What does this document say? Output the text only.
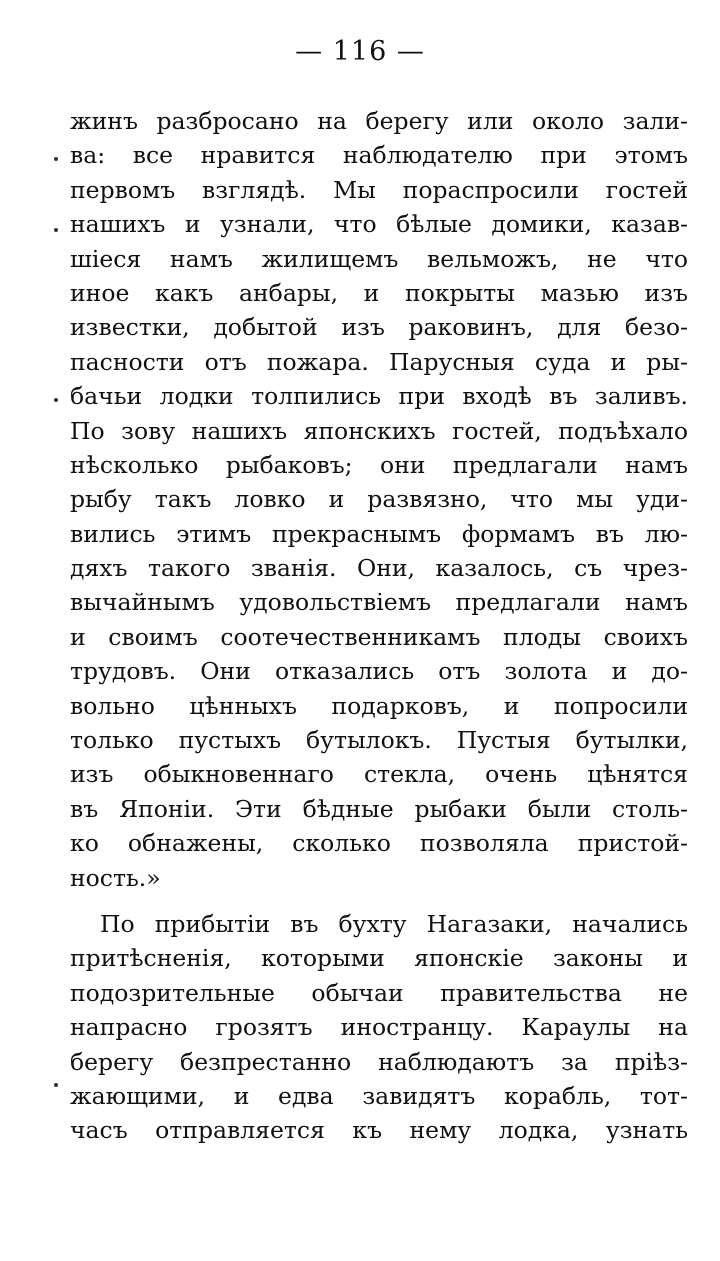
— 116 —
жинъ разбросано на берегу или около зали-
ва: все нравится наблюдателю при этомъ
первомъ взглядѣ. Мы пораспросили гостей
нашихъ и узнали, что бѣлые домики, казав-
шіеся намъ жилищемъ вельможъ, не что
иное какъ анбары, и покрыты мазью изъ
известки, добытой изъ раковинъ, для безо-
пасности отъ пожара. Парусныя суда и ры-
бачьи лодки толпились при входѣ въ заливъ.
По зову нашихъ японскихъ гостей, подъѣхало
нѣсколько рыбаковъ; они предлагали намъ
рыбу такъ ловко и развязно, что мы уди-
вились этимъ прекраснымъ формамъ въ лю-
дяхъ такого званія. Они, казалось, съ чрез-
вычайнымъ удовольствіемъ предлагали намъ
и своимъ соотечественникамъ плоды своихъ
трудовъ. Они отказались отъ золота и до-
вольно цѣнныхъ подарковъ, и попросили
только пустыхъ бутылокъ. Пустыя бутылки,
изъ обыкновеннаго стекла, очень цѣнятся
въ Японіи. Эти бѣдные рыбаки были столь-
ко обнажены, сколько позволяла пристой-
ность.»
По прибытіи въ бухту Нагазаки, начались
притѣсненія, которыми японскіе законы и
подозрительные обычаи правительства не
напрасно грозятъ иностранцу. Караулы на
берегу безпрестанно наблюдаютъ за пріѣз-
жающими, и едва завидятъ корабль, тот-
часъ отправляется къ нему лодка, узнать
